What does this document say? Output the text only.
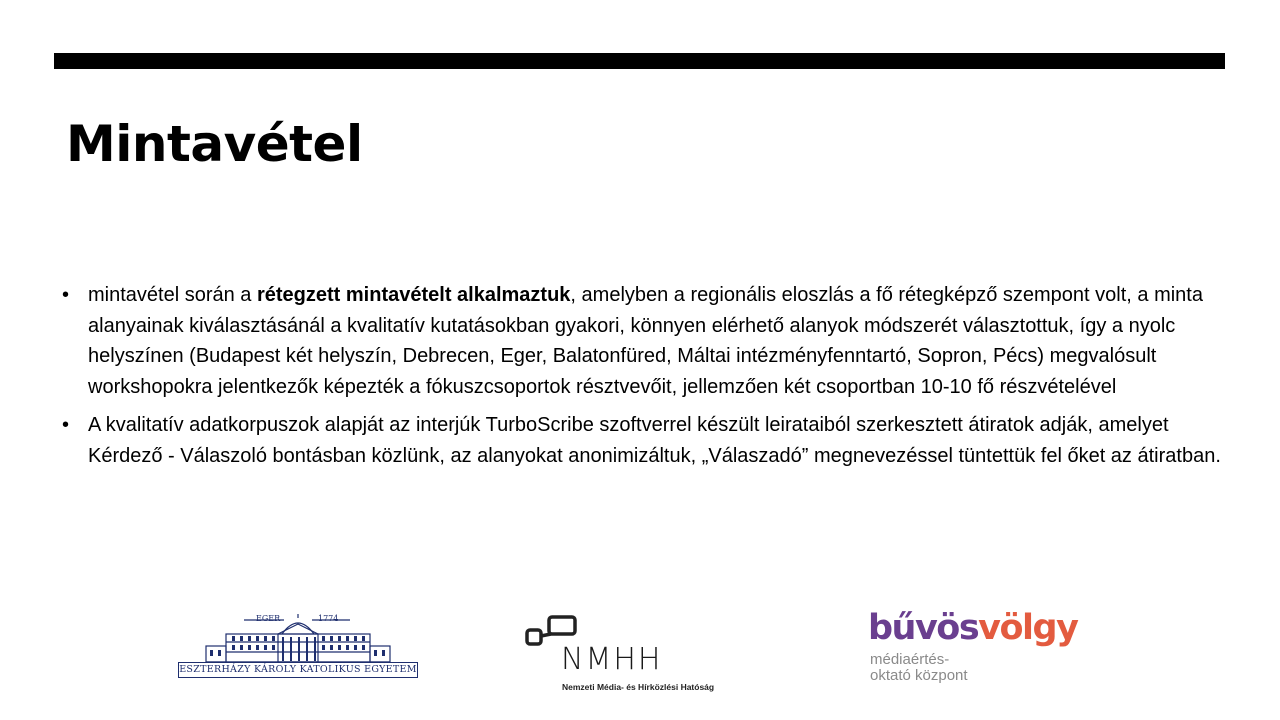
Mintavétel
• mintavétel során a rétegzett mintavételt alkalmaztuk, amelyben a regionális eloszlás a fő rétegképző szempont volt, a minta alanyainak kiválasztásánál a kvalitatív kutatásokban gyakori, könnyen elérhető alanyok módszerét választottuk, így a nyolc helyszínen (Budapest két helyszín, Debrecen, Eger, Balatonfüred, Máltai intézményfenntartó, Sopron, Pécs) megvalósult workshopokra jelentkezők képezték a fókuszcsoportok résztvevőit, jellemzően két csoportban 10-10 fő részvételével
• A kvalitatív adatkorpuszok alapját az interjúk TurboScribe szoftverrel készült leirataiból szerkesztett átiratok adják, amelyet Kérdező - Válaszoló bontásban közlünk, az alanyokat anonimizáltuk, „Válaszadó” megnevezéssel tüntettük fel őket az átiratban.
EGER	1774
ESZTERHÁZY KÁROLY KATOLIKUS EGYETEM	NMHH
Nemzeti Média- és Hírközlési Hatóság
bűvösvölgy
médiaértés-
oktató központ
